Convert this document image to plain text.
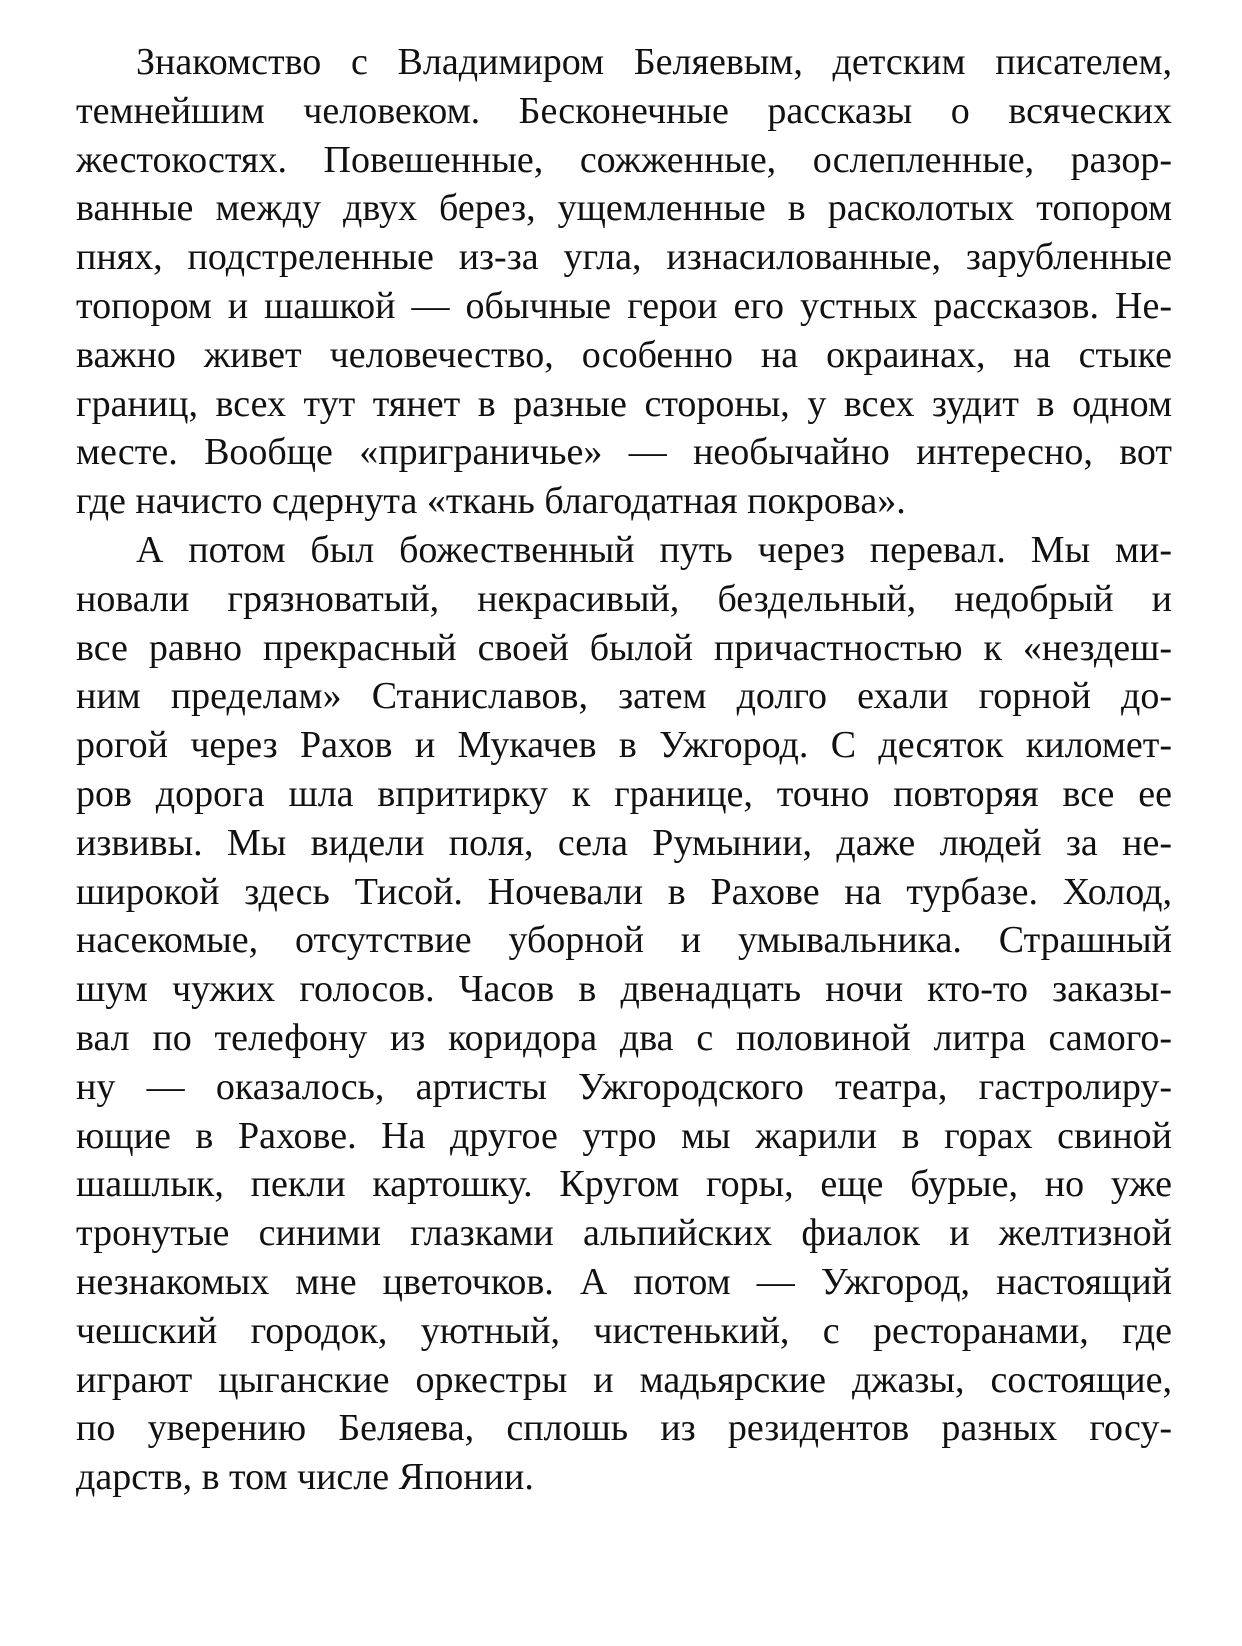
Знакомство с Владимиром Беляевым, детским писателем,
темнейшим человеком. Бесконечные рассказы о всяческих
жестокостях. Повешенные, сожженные, ослепленные, разор-
ванные между двух берез, ущемленные в расколотых топором
пнях, подстреленные из-за угла, изнасилованные, зарубленные
топором и шашкой — обычные герои его устных рассказов. Не-
важно живет человечество, особенно на окраинах, на стыке
границ, всех тут тянет в разные стороны, у всех зудит в одном
месте. Вообще «приграничье» — необычайно интересно, вот
где начисто сдернута «ткань благодатная покрова».
А потом был божественный путь через перевал. Мы ми-
новали грязноватый, некрасивый, бездельный, недобрый и
все равно прекрасный своей былой причастностью к «нездеш-
ним пределам» Станиславов, затем долго ехали горной до-
рогой через Рахов и Мукачев в Ужгород. С десяток километ-
ров дорога шла впритирку к границе, точно повторяя все ее
извивы. Мы видели поля, села Румынии, даже людей за не-
широкой здесь Тисой. Ночевали в Рахове на турбазе. Холод,
насекомые, отсутствие уборной и умывальника. Страшный
шум чужих голосов. Часов в двенадцать ночи кто-то заказы-
вал по телефону из коридора два с половиной литра самого-
ну — оказалось, артисты Ужгородского театра, гастролиру-
ющие в Рахове. На другое утро мы жарили в горах свиной
шашлык, пекли картошку. Кругом горы, еще бурые, но уже
тронутые синими глазками альпийских фиалок и желтизной
незнакомых мне цветочков. А потом — Ужгород, настоящий
чешский городок, уютный, чистенький, с ресторанами, где
играют цыганские оркестры и мадьярские джазы, состоящие,
по уверению Беляева, сплошь из резидентов разных госу-
дарств, в том числе Японии.
